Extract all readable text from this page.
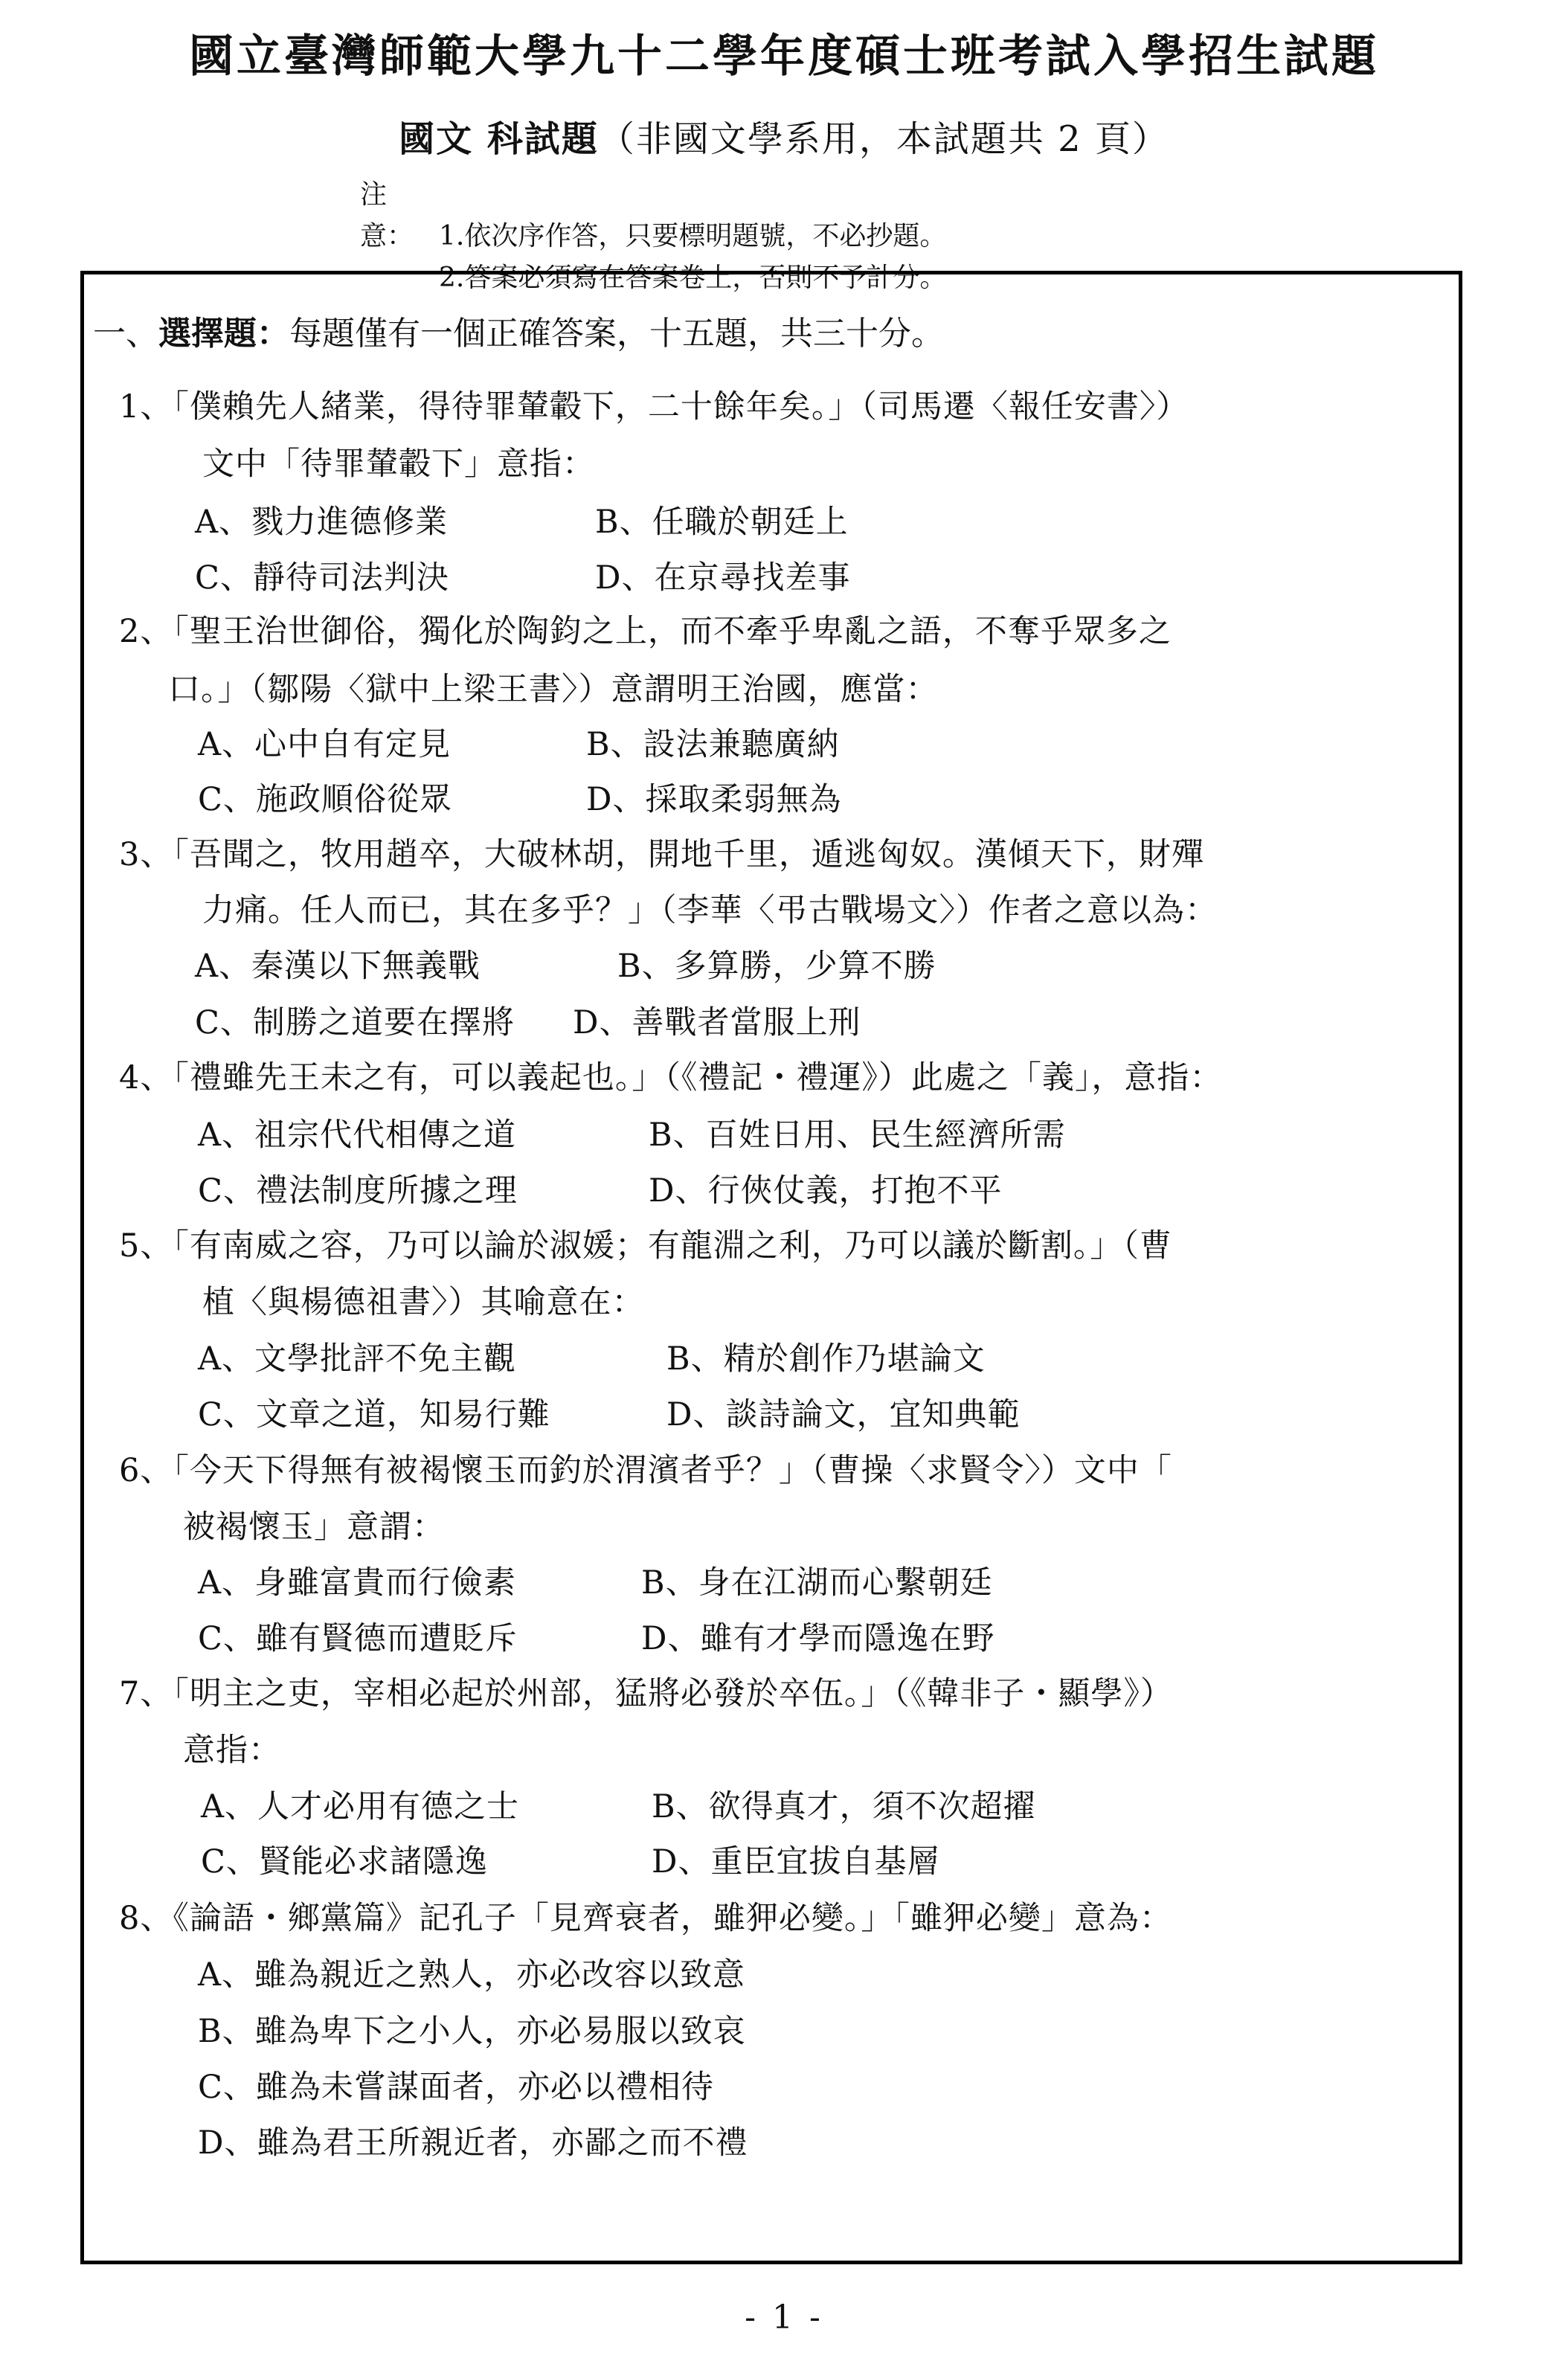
國立臺灣師範大學九十二學年度碩士班考試入學招生試題
國文 科試題（非國文學系用，本試題共 2 頁）
注意： 1.依次序作答，只要標明題號，不必抄題。
2.答案必須寫在答案卷上，否則不予計分。
一、選擇題：每題僅有一個正確答案，十五題，共三十分。
1、「僕賴先人緒業，得待罪輦轂下，二十餘年矣。」（司馬遷〈報任安書〉）
文中「待罪輦轂下」意指：
A、戮力進德修業	B、任職於朝廷上
C、靜待司法判決	D、在京尋找差事
2、「聖王治世御俗，獨化於陶鈞之上，而不牽乎卑亂之語，不奪乎眾多之
口。」（鄒陽〈獄中上梁王書〉）意謂明王治國，應當：
A、心中自有定見	B、設法兼聽廣納
C、施政順俗從眾	D、採取柔弱無為
3、「吾聞之，牧用趙卒，大破林胡，開地千里，遁逃匈奴。漢傾天下，財殫
力痛。任人而已，其在多乎？」（李華〈弔古戰場文〉）作者之意以為：
A、秦漢以下無義戰	B、多算勝，少算不勝
C、制勝之道要在擇將 D、善戰者當服上刑
4、「禮雖先王未之有，可以義起也。」（《禮記・禮運》）此處之「義」，意指：
A、祖宗代代相傳之道	B、百姓日用、民生經濟所需
C、禮法制度所據之理	D、行俠仗義，打抱不平
5、「有南威之容，乃可以論於淑媛；有龍淵之利，乃可以議於斷割。」（曹
植〈與楊德祖書〉）其喻意在：
A、文學批評不免主觀	B、精於創作乃堪論文
C、文章之道，知易行難	D、談詩論文，宜知典範
6、「今天下得無有被褐懷玉而釣於渭濱者乎？」（曹操〈求賢令〉）文中「
被褐懷玉」意謂：
A、身雖富貴而行儉素	B、身在江湖而心繫朝廷
C、雖有賢德而遭貶斥	D、雖有才學而隱逸在野
7、「明主之吏，宰相必起於州部，猛將必發於卒伍。」（《韓非子・顯學》）
意指：
A、人才必用有德之士	B、欲得真才，須不次超擢
C、賢能必求諸隱逸	D、重臣宜拔自基層
8、《論語・鄉黨篇》記孔子「見齊衰者，雖狎必變。」「雖狎必變」意為：
A、雖為親近之熟人，亦必改容以致意
B、雖為卑下之小人，亦必易服以致哀
C、雖為未嘗謀面者，亦必以禮相待
D、雖為君王所親近者，亦鄙之而不禮
- 1 -
